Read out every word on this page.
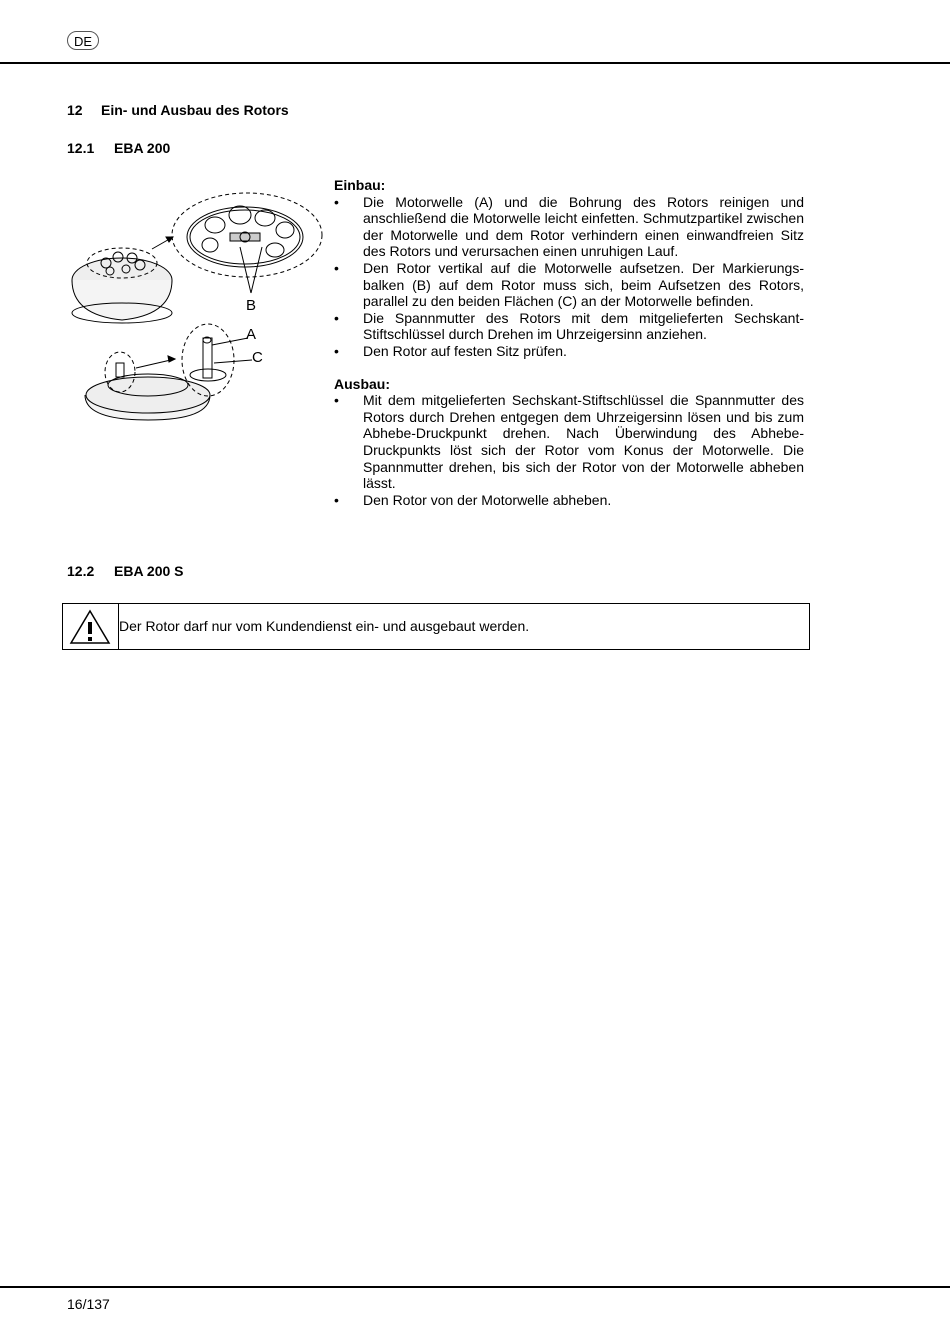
DE
12 Ein- und Ausbau des Rotors
12.1 EBA 200
B
A
C

Einbau:

• Die Motorwelle (A) und die Bohrung des Rotors reinigen und anschließend die Motorwelle leicht einfetten. Schmutzpartikel zwischen der Motorwelle und dem Rotor verhindern einen einwandfreien Sitz des Rotors und verursachen einen unruhigen Lauf.
• Den Rotor vertikal auf die Motorwelle aufsetzen. Der Markierungs-balken (B) auf dem Rotor muss sich, beim Aufsetzen des Rotors, parallel zu den beiden Flächen (C) an der Motorwelle befinden.
• Die Spannmutter des Rotors mit dem mitgelieferten Sechskant-Stiftschlüssel durch Drehen im Uhrzeigersinn anziehen.
• Den Rotor auf festen Sitz prüfen.

Ausbau:

• Mit dem mitgelieferten Sechskant-Stiftschlüssel die Spannmutter des Rotors durch Drehen entgegen dem Uhrzeigersinn lösen und bis zum Abhebe-Druckpunkt drehen. Nach Überwindung des Abhebe-Druckpunkts löst sich der Rotor vom Konus der Motorwelle. Die Spannmutter drehen, bis sich der Rotor von der Motorwelle abheben lässt.
• Den Rotor von der Motorwelle abheben.
12.2 EBA 200 S
Der Rotor darf nur vom Kundendienst ein- und ausgebaut werden.
16/137
